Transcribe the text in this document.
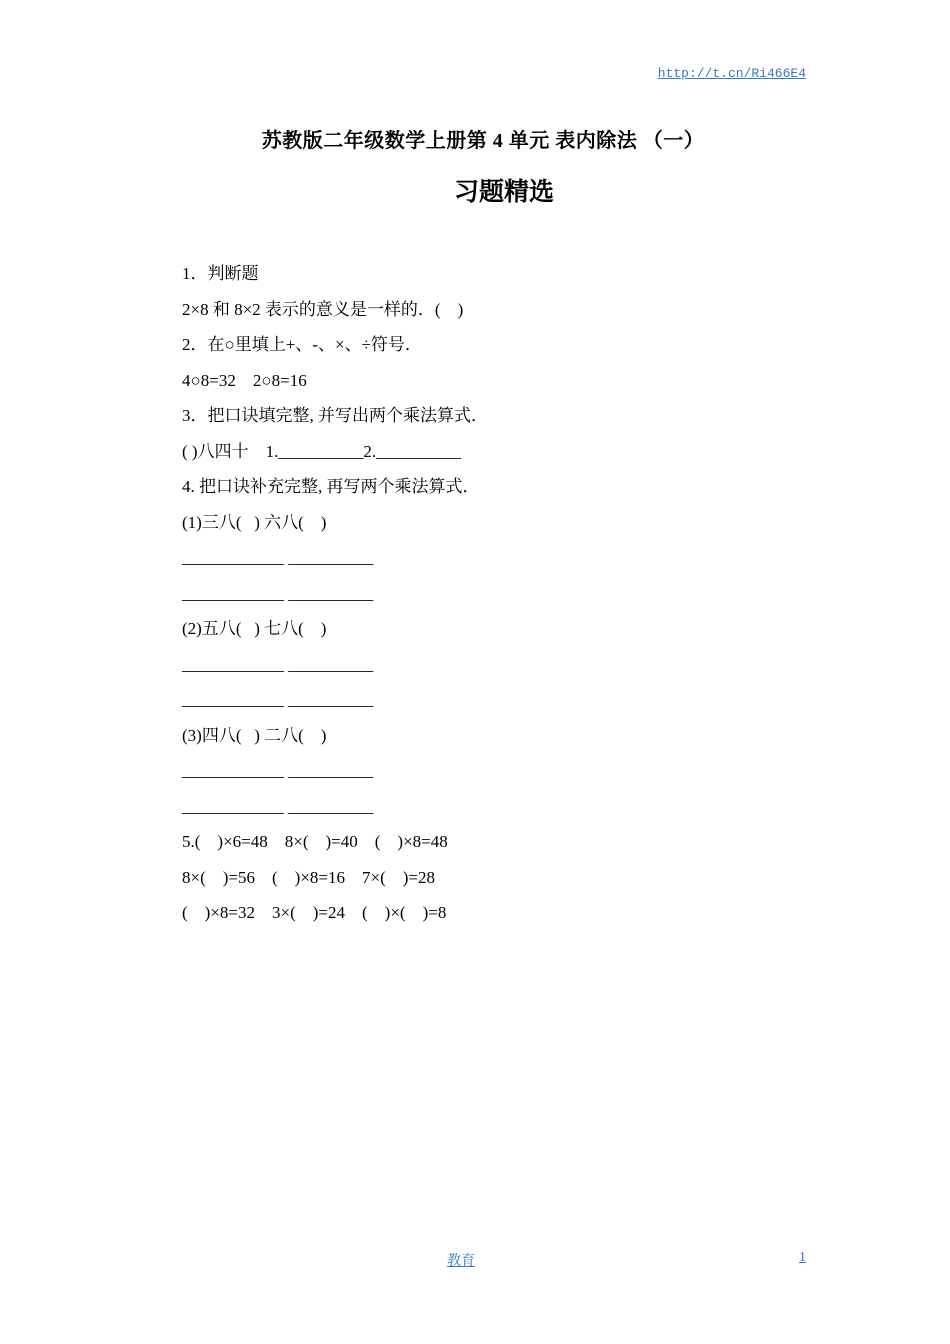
http://t.cn/Ri466E4
苏教版二年级数学上册第 4 单元 表内除法 （一）
习题精选
1．判断题
2×8 和 8×2 表示的意义是一样的．(    )
2．在○里填上+、-、×、÷符号．
4○8=32    2○8=16
3．把口诀填完整, 并写出两个乘法算式．
( )八四十    1.__________2.__________
4. 把口诀补充完整, 再写两个乘法算式．
(1)三八(   ) 六八(    )
____________ __________
____________ __________
(2)五八(   ) 七八(    )
____________ __________
____________ __________
(3)四八(   ) 二八(    )
____________ __________
____________ __________
5.(    )×6=48    8×(    )=40    (    )×8=48
8×(    )=56    (    )×8=16    7×(    )=28
(    )×8=32    3×(    )=24    (    )×(    )=8
教育	1
